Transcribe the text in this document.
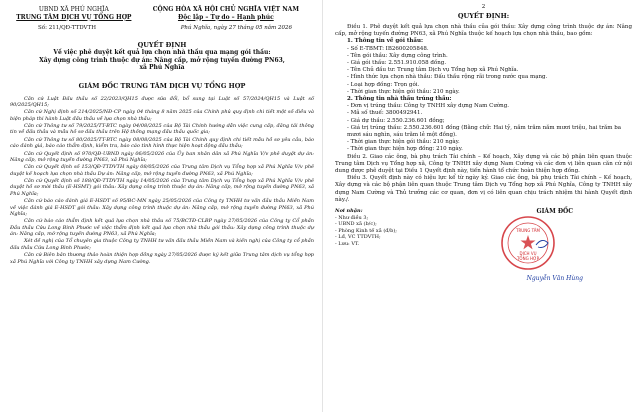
UBND XÃ PHÚ NGHĨA
TRUNG TÂM DỊCH VỤ TỔNG HỢP
CỘNG HÒA XÃ HỘI CHỦ NGHĨA VIỆT NAM
Độc lập – Tự do – Hạnh phúc
Số: 211/QĐ-TTDVTH	Phú Nghĩa, ngày 27 tháng 05 năm 2026
QUYẾT ĐỊNH
Về việc phê duyệt kết quả lựa chọn nhà thầu qua mạng gói thầu:
Xây dựng công trình thuộc dự án: Nâng cấp, mở rộng tuyến đường PN63,
xã Phú Nghĩa
GIÁM ĐỐC TRUNG TÂM DỊCH VỤ TỔNG HỢP

Căn cứ Luật Đấu thầu số 22/2023/QH15 được sửa đổi, bổ sung tại Luật số 57/2024/QH15 và Luật số 90/2025/QH15;

Căn cứ Nghị định số 214/2025/NĐ-CP ngày 04 tháng 8 năm 2025 của Chính phủ quy định chi tiết một số điều và biện pháp thi hành Luật đấu thầu về lựa chọn nhà thầu;

Căn cứ Thông tư số 79/2025/TT-BTC ngày 04/08/2025 của Bộ Tài Chính hướng dẫn việc cung cấp, đăng tải thông tin về đấu thầu và mẫu hồ sơ đấu thầu trên Hệ thống mạng đấu thầu quốc gia;

Căn cứ Thông tư số 80/2025/TT-BTC ngày 08/08/2025 của Bộ Tài Chính quy định chi tiết mẫu hồ sơ yêu cầu, báo cáo đánh giá, báo cáo thẩm định, kiểm tra, báo cáo tình hình thực hiện hoạt động đấu thầu;

Căn cứ Quyết định số 970/QĐ-UBND ngày 06/05/2026 của Ủy ban nhân dân xã Phú Nghĩa V/v phê duyệt dự án: Nâng cấp, mở rộng tuyến đường PN63, xã Phú Nghĩa;

Căn cứ Quyết định số 153/QĐ-TTDVTH ngày 08/05/2026 của Trung tâm Dịch vụ Tổng hợp xã Phú Nghĩa V/v phê duyệt kế hoạch lựa chọn nhà thầu Dự án: Nâng cấp, mở rộng tuyến đường PN63, xã Phú Nghĩa;

Căn cứ Quyết định số 188/QĐ-TTDVTH ngày 14/05/2026 của Trung tâm Dịch vụ Tổng hợp xã Phú Nghĩa V/v phê duyệt hồ sơ mời thầu (E-HSMT) gói thầu: Xây dựng công trình thuộc dự án: Nâng cấp, mở rộng tuyến đường PN63, xã Phú Nghĩa;

Căn cứ báo cáo đánh giá E-HSDT số 95/BC-MN ngày 25/05/2026 của Công ty TNHH tư vấn đầu thầu Miền Nam về việc đánh giá E-HSDT gói thầu: Xây dựng công trình thuộc dự án: Nâng cấp, mở rộng tuyến đường PN63, xã Phú Nghĩa;

Căn cứ báo cáo thẩm định kết quả lựa chọn nhà thầu số 75/BCTĐ-CLBP ngày 27/05/2026 của Công ty Cổ phần Đầu thầu Cửu Long Bình Phước về việc thẩm định kết quả lựa chọn nhà thầu gói thầu: Xây dựng công trình thuộc dự án: Nâng cấp, mở rộng tuyến đường PN63, xã Phú Nghĩa;

Xét đề nghị của Tổ chuyên gia thuộc Công ty TNHH tư vấn đấu thầu Miền Nam và kiến nghị của Công ty cổ phần đấu thầu Cửu Long Bình Phước;

Căn cứ Biên bản thương thảo hoàn thiện hợp đồng ngày 27/05/2026 được ký kết giữa Trung tâm dịch vụ tổng hợp xã Phú Nghĩa với Công ty TNHH xây dựng Nam Cường.

2
QUYẾT ĐỊNH:

Điều 1. Phê duyệt kết quả lựa chọn nhà thầu của gói thầu: Xây dựng công trình thuộc dự án: Nâng cấp, mở rộng tuyến đường PN63, xã Phú Nghĩa thuộc kế hoạch lựa chọn nhà thầu, bao gồm:

1. Thông tin về gói thầu:

- Số E-TBMT: IB2600205848.

- Tên gói thầu: Xây dựng công trình.

- Giá gói thầu: 2.551.910.058 đồng.

- Tên Chủ đầu tư: Trung tâm Dịch vụ Tổng hợp xã Phú Nghĩa.

- Hình thức lựa chọn nhà thầu: Đấu thầu rộng rãi trong nước qua mạng.

- Loại hợp đồng: Trọn gói.

- Thời gian thực hiện gói thầu: 210 ngày.

2. Thông tin nhà thầu trúng thầu:

- Đơn vị trúng thầu: Công ty TNHH xây dựng Nam Cường.

- Mã số thuế: 3800492941.

- Giá dự thầu: 2.550.236.601 đồng;

- Giá trị trúng thầu: 2.550.236.601 đồng (Bằng chữ: Hai tỷ, năm trăm năm mươi triệu, hai trăm ba mươi sáu nghìn, sáu trăm lẻ một đồng).

- Thời gian thực hiện gói thầu: 210 ngày.

- Thời gian thực hiện hợp đồng: 210 ngày.

Điều 2. Giao các ông, bà phụ trách Tài chính – Kế hoạch, Xây dựng và các bộ phận liên quan thuộc Trung tâm Dịch vụ Tổng hợp xã, Công ty TNHH xây dựng Nam Cường và các đơn vị liên quan căn cứ nội dung được phê duyệt tại Điều 1 Quyết định này, tiến hành tổ chức hoàn thiện hợp đồng.

Điều 3. Quyết định này có hiệu lực kể từ ngày ký. Giao các ông, bà phụ trách Tài chính – Kế hoạch, Xây dựng và các bộ phận liên quan thuộc Trung tâm Dịch vụ Tổng hợp xã Phú Nghĩa, Công ty TNHH xây dựng Nam Cường và Thủ trưởng các cơ quan, đơn vị có liên quan chịu trách nhiệm thi hành Quyết định này./.

Nơi nhận:
- Như điều 3;
- UBND xã (b/c);
- Phòng Kinh tế xã (đ/b);
- Lđ, VC TTDVTH;
- Lưu: VT.
GIÁM ĐỐC
TRUNG TÂM
DỊCH VỤ
TỔNG HỢP
Nguyễn Văn Hùng
